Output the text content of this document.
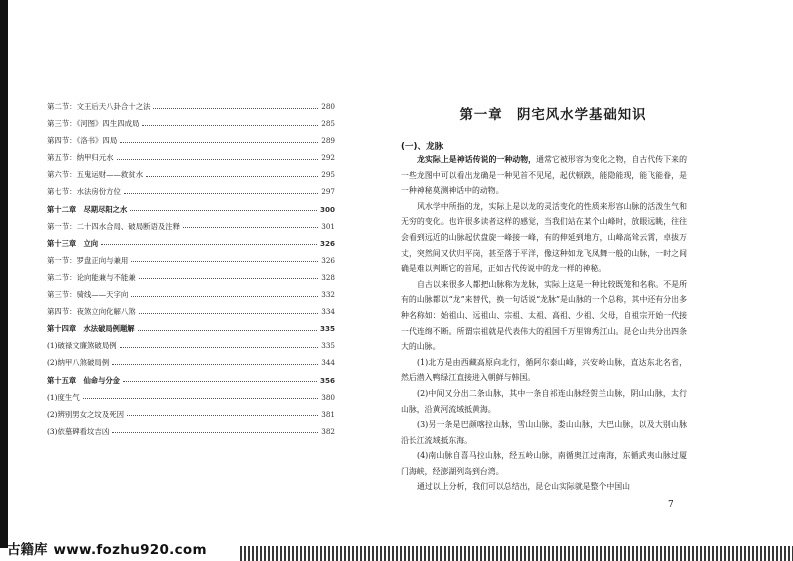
第二节：文王后天八卦合十之法	280
第三节：《河图》四生四成局	285
第四节：《洛书》四局	289
第五节：纳甲归元水	292
第六节：五鬼运财——救贫水	295
第七节：水法房份方位	297
第十二章　尽期尽阳之水	300
第一节：二十四水合局、破局断语及注释	301
第十三章　立向	326
第一节：罗盘正向与兼用	326
第二节：论向能兼与不能兼	328
第三节：骑线——天字向	332
第四节：夜煞立向化解八煞	334
第十四章　水法破局例题解	335
(1)破禄文廉煞破局例	335
(2)纳甲八煞破局例	344
第十五章　仙命与分金	356
(1)度生气	380
(2)辨别男女之坟及死因	381
(3)依墓碑看坟吉凶	382
第一章　阴宅风水学基础知识
(一)、龙脉

龙实际上是神话传说的一种动物，通常它被形容为变化之物，自古代传下来的一些龙图中可以看出龙确是一种见首不见尾，起伏顿跌，能隐能现，能飞能眷，是一种神秘莫测神话中的动物。

风水学中所指的龙，实际上是以龙的灵活变化的性质来形容山脉的活泼生气和无穷的变化。也许很多读者这样的感觉，当我们站在某个山峰时，放眼远眺，往往会看到远近的山脉起伏盘旋一峰接一峰，有的伸延到地方，山峰高耸云霄，卓拔万丈，突然间又伏归平岗，甚至落于平洋，像这种如龙飞凤舞一般的山脉，一时之间确是难以判断它的首尾，正如古代传说中的龙一样的神秘。

自古以来很多人都把山脉称为龙脉，实际上这是一种比较既笼和名称。不是所有的山脉都以“龙”来替代，换一句话说“龙脉”是山脉的一个总称，其中还有分出多种名称如：始祖山、远祖山、宗祖、太祖、高祖、少祖、父母，自祖宗开始一代接一代连绵不断。所谓宗祖就是代表伟大的祖国千万里锦秀江山。昆仑山共分出四条大的山脉。

(1)北方是由西藏高原向北行，循阿尔泰山峰，兴安岭山脉，直达东北名省，然后潜入鸭绿江直接进入朝鲜与韩国。

(2)中间又分出二条山脉，其中一条自祁连山脉经贺兰山脉，阴山山脉，太行山脉，沿黄河流域抵黄海。

(3)另一条是巴颜喀拉山脉，雪山山脉，娄山山脉，大巴山脉，以及大别山脉沿长江流域抵东海。

(4)南山脉自喜马拉山脉，经五岭山脉，南循奥江过南海，东循武夷山脉过厦门海峡，经澎湖列岛到台湾。

通过以上分析，我们可以总结出，昆仑山实际就是整个中国山

7
古籍库 www.fozhu920.com
